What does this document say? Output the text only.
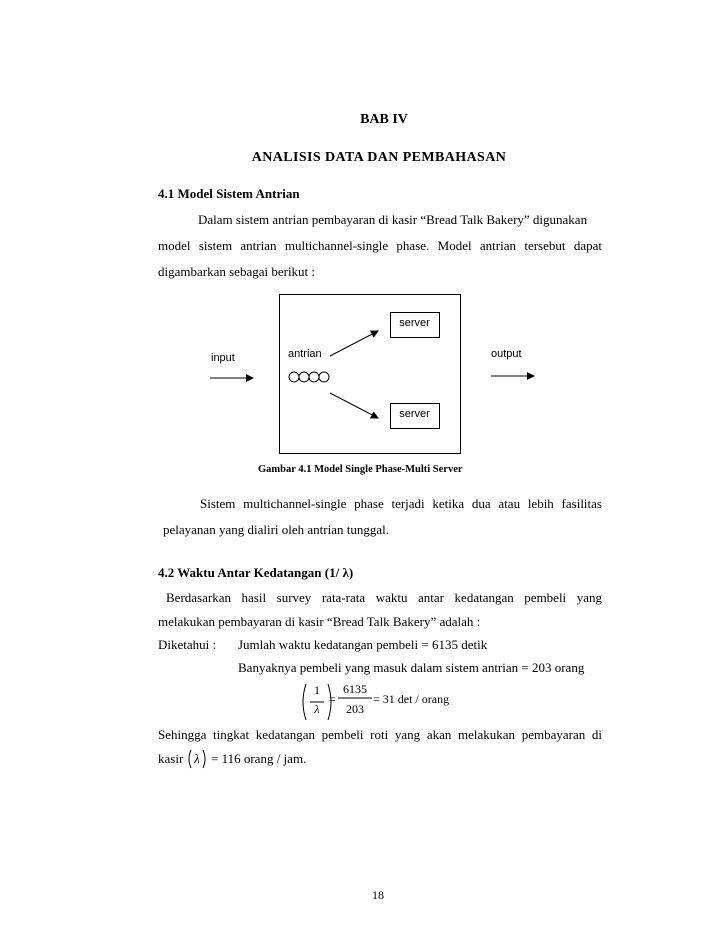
BAB IV
ANALISIS DATA DAN PEMBAHASAN
4.1 Model Sistem Antrian
Dalam sistem antrian pembayaran di kasir “Bread Talk Bakery” digunakan
model sistem antrian multichannel-single phase. Model antrian tersebut dapat
digambarkan sebagai berikut :
server
server
input	antrian	output
Gambar 4.1 Model Single Phase-Multi Server
Sistem multichannel-single phase terjadi ketika dua atau lebih fasilitas
pelayanan yang dialiri oleh antrian tunggal.
4.2 Waktu Antar Kedatangan (1/ λ)
Berdasarkan hasil survey rata-rata waktu antar kedatangan pembeli yang
melakukan pembayaran di kasir “Bread Talk Bakery” adalah :
Diketahui : Jumlah waktu kedatangan pembeli = 6135 detik
Banyaknya pembeli yang masuk dalam sistem antrian = 203 orang
1
λ
=
6135
203
= 31 det / orang
Sehingga tingkat kedatangan pembeli roti yang akan melakukan pembayaran di
kasir λ = 116 orang / jam.
18
